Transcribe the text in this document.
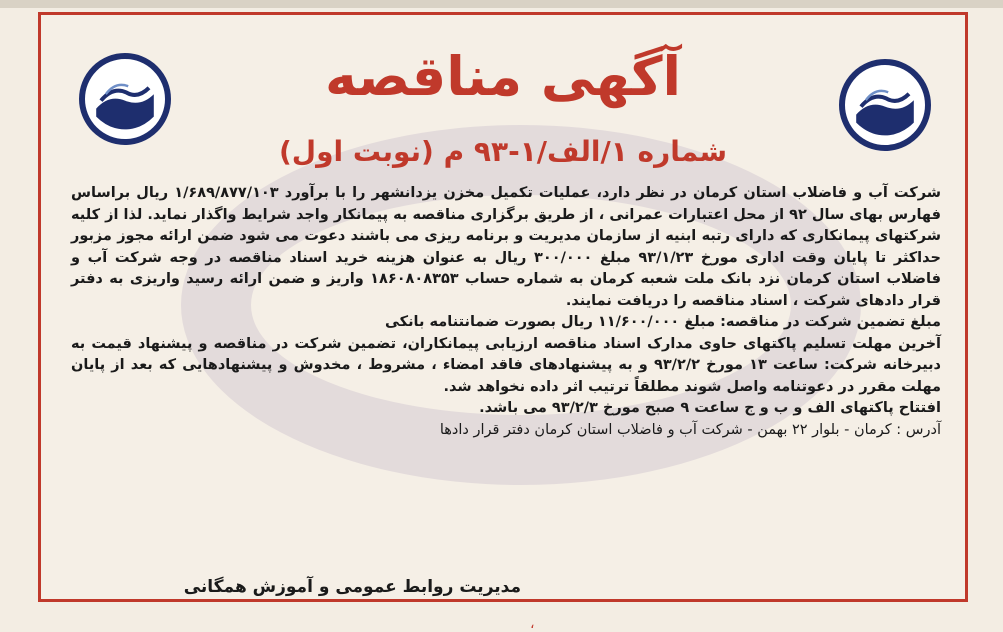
آگهی مناقصه
شماره ۱/الف/۱-۹۳ م (نوبت اول)

شرکت آب و فاضلاب استان کرمان در نظر دارد، عملیات تکمیل مخزن یزدانشهر را با برآورد ۱/۶۸۹/۸۷۷/۱۰۳ ریال براساس فهارس بهای سال ۹۲ از محل اعتبارات عمرانی ، از طریق برگزاری مناقصه به پیمانکار واجد شرایط واگذار نماید. لذا از کلیه شرکتهای پیمانکاری که دارای رتبه ابنیه از سازمان مدیریت و برنامه ریزی می باشند دعوت می شود ضمن ارائه مجوز مزبور حداکثر تا پایان وقت اداری مورخ ۹۳/۱/۲۳ مبلغ ۳۰۰/۰۰۰ ریال به عنوان هزینه خرید اسناد مناقصه در وجه شرکت آب و فاضلاب استان کرمان نزد بانک ملت شعبه کرمان به شماره حساب ۱۸۶۰۸۰۸۳۵۳ واریز و ضمن ارائه رسید واریزی به دفتر قرار دادهای شرکت ، اسناد مناقصه را دریافت نمایند.

مبلغ تضمین شرکت در مناقصه: مبلغ ۱۱/۶۰۰/۰۰۰ ریال بصورت ضمانتنامه بانکی

آخرین مهلت تسلیم پاکتهای حاوی مدارک اسناد مناقصه ارزیابی پیمانکاران، تضمین شرکت در مناقصه و پیشنهاد قیمت به دبیرخانه شرکت: ساعت ۱۳ مورخ ۹۳/۲/۲ و به پیشنهادهای فاقد امضاء ، مشروط ، مخدوش و پیشنهادهایی که بعد از پایان مهلت مقرر در دعوتنامه واصل شوند مطلقاً ترتیب اثر داده نخواهد شد.

افتتاح پاکتهای الف و ب و ج ساعت ۹ صبح مورخ ۹۳/۲/۳ می باشد.

آدرس : کرمان - بلوار ۲۲ بهمن - شرکت آب و فاضلاب استان کرمان دفتر قرار دادها

مدیریت روابط عمومی و آموزش همگانی
،
